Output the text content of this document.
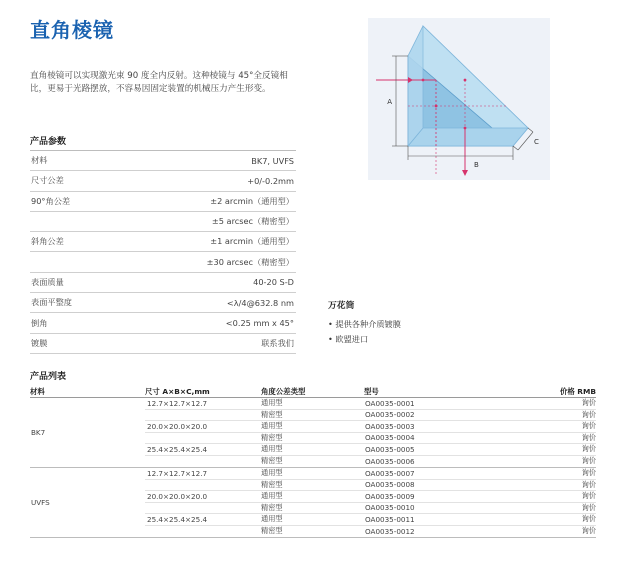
直角棱镜
直角棱镜可以实现激光束 90 度全内反射。这种棱镜与 45°全反镜相比，更易于光路摆放，不容易因固定装置的机械压力产生形变。
产品参数
材料	BK7, UVFS
尺寸公差	+0/-0.2mm
90°角公差	±2 arcmin（通用型）
±5 arcsec（精密型）
斜角公差	±1 arcmin（通用型）
±30 arcsec（精密型）
表面质量	40-20 S-D
表面平整度	<λ/4@632.8 nm
倒角	<0.25 mm x 45°
镀膜	联系我们
A
B
C
万花筒
• 提供各种介质镀膜
• 欧盟进口
产品列表
材料	尺寸 A×B×C,mm	角度公差类型	型号	价格 RMB
BK7
12.7×12.7×12.7	通用型	OA0035-0001	询价
精密型	OA0035-0002	询价
20.0×20.0×20.0	通用型	OA0035-0003	询价
精密型	OA0035-0004	询价
25.4×25.4×25.4	通用型	OA0035-0005	询价
精密型	OA0035-0006	询价
UVFS
12.7×12.7×12.7	通用型	OA0035-0007	询价
精密型	OA0035-0008	询价
20.0×20.0×20.0	通用型	OA0035-0009	询价
精密型	OA0035-0010	询价
25.4×25.4×25.4	通用型	OA0035-0011	询价
精密型	OA0035-0012	询价
